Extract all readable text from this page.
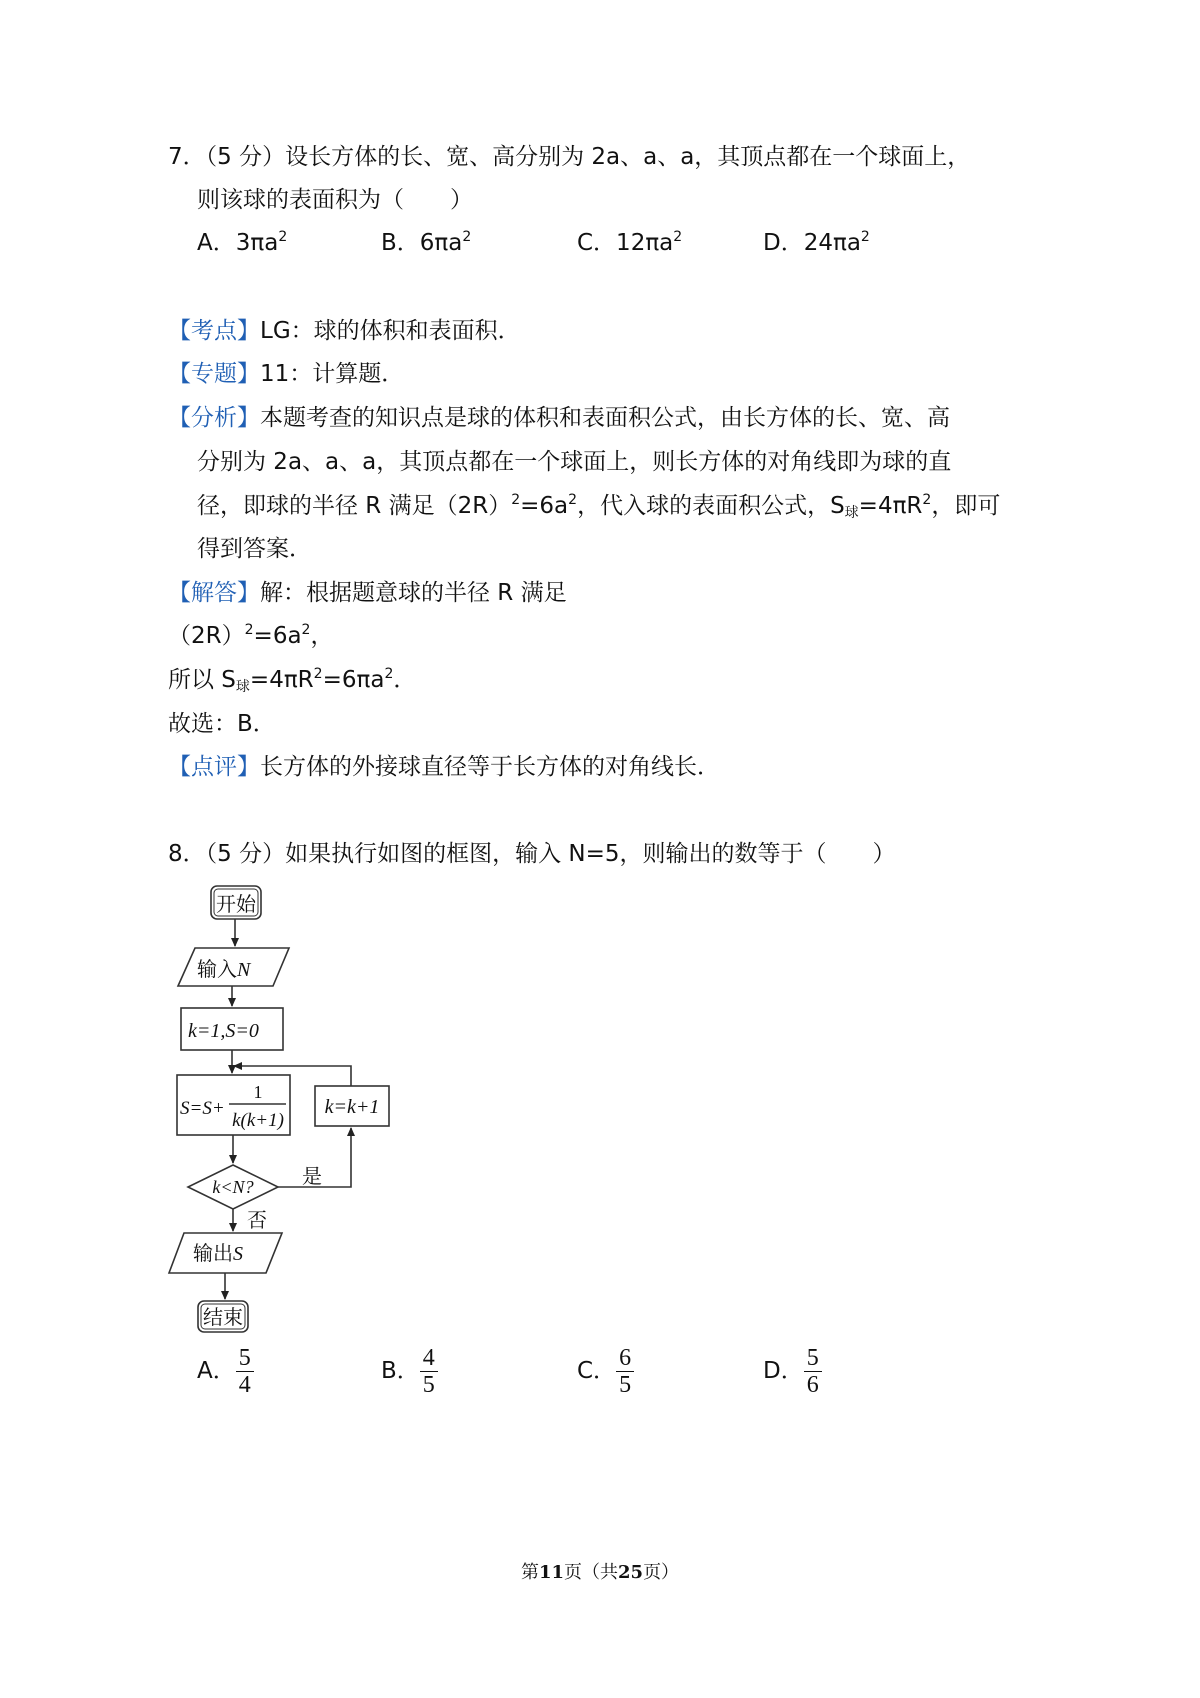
7．（5 分）设长方体的长、宽、高分别为 2a、a、a，其顶点都在一个球面上，
则该球的表面积为（　　）
A．$3\pi a^2$	B．$6\pi a^2$	C．$12\pi a^2$	D．$24\pi a^2$
【考点】LG：球的体积和表面积．
【专题】11：计算题．
【分析】本题考查的知识点是球的体积和表面积公式，由长方体的长、宽、高
分别为 2a、a、a，其顶点都在一个球面上，则长方体的对角线即为球的直
径，即球的半径 R 满足$(2R)^2=6a^2$，代入球的表面积公式，$S_球=4\pi R^2$，即可
得到答案．
【解答】解：根据题意球的半径 R 满足
$(2R)^2=6a^2$，
所以 $S_球=4\pi R^2=6\pi a^2$．
故选：B．
【点评】长方体的外接球直径等于长方体的对角线长．
8．（5 分）如果执行如图的框图，输入 N=5，则输出的数等于（　　）
开始
输入N
k=1,S=0
S=S+
1
k(k+1)
k=k+1
k<N? 是
否
输出S
结束
A． $\frac{5}{4}$	B． $\frac{4}{5}$	C． $\frac{6}{5}$	D． $\frac{5}{6}$
第11页（共25页）
